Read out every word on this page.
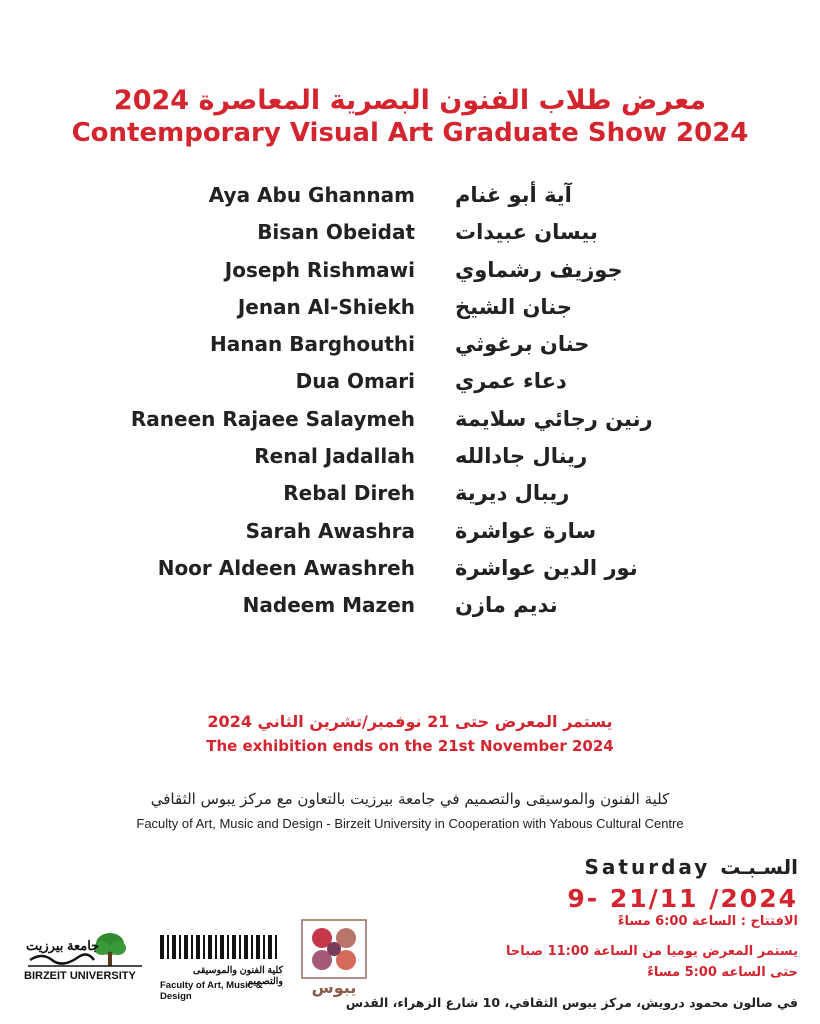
معرض طلاب الفنون البصرية المعاصرة 2024
Contemporary Visual Art Graduate Show 2024
Aya Abu Ghannam آية أبو غنام
Bisan Obeidat بيسان عبيدات
Joseph Rishmawi جوزيف رشماوي
Jenan Al-Shiekh جنان الشيخ
Hanan Barghouthi حنان برغوثي
Dua Omari دعاء عمري
Raneen Rajaee Salaymeh رنين رجائي سلايمة
Renal Jadallah رينال جادالله
Rebal Direh ريبال ديرية
Sarah Awashra سارة عواشرة
Noor Aldeen Awashreh نور الدين عواشرة
Nadeem Mazen نديم مازن
يستمر المعرض حتى 21 نوفمبر/تشرين الثاني 2024
The exhibition ends on the 21st November 2024
كلية الفنون والموسيقى والتصميم في جامعة بيرزيت بالتعاون مع مركز يبوس الثقافي
Faculty of Art, Music and Design - Birzeit University in Cooperation with Yabous Cultural Centre
Saturday السـبـت
9- 21/11 /2024
الافتتاح : الساعة 6:00 مساءً
يستمر المعرض يوميا من الساعة 11:00 صباحا
حتى الساعه 5:00 مساءً
في صالون محمود درويش، مركز يبوس الثقافي، 10 شارع الزهراء، القدس
جامعة بيرزيت
BIRZEIT UNIVERSITY	كلية الفنون والموسيقى والتصميم
Faculty of Art, Music & Design	يبوس
